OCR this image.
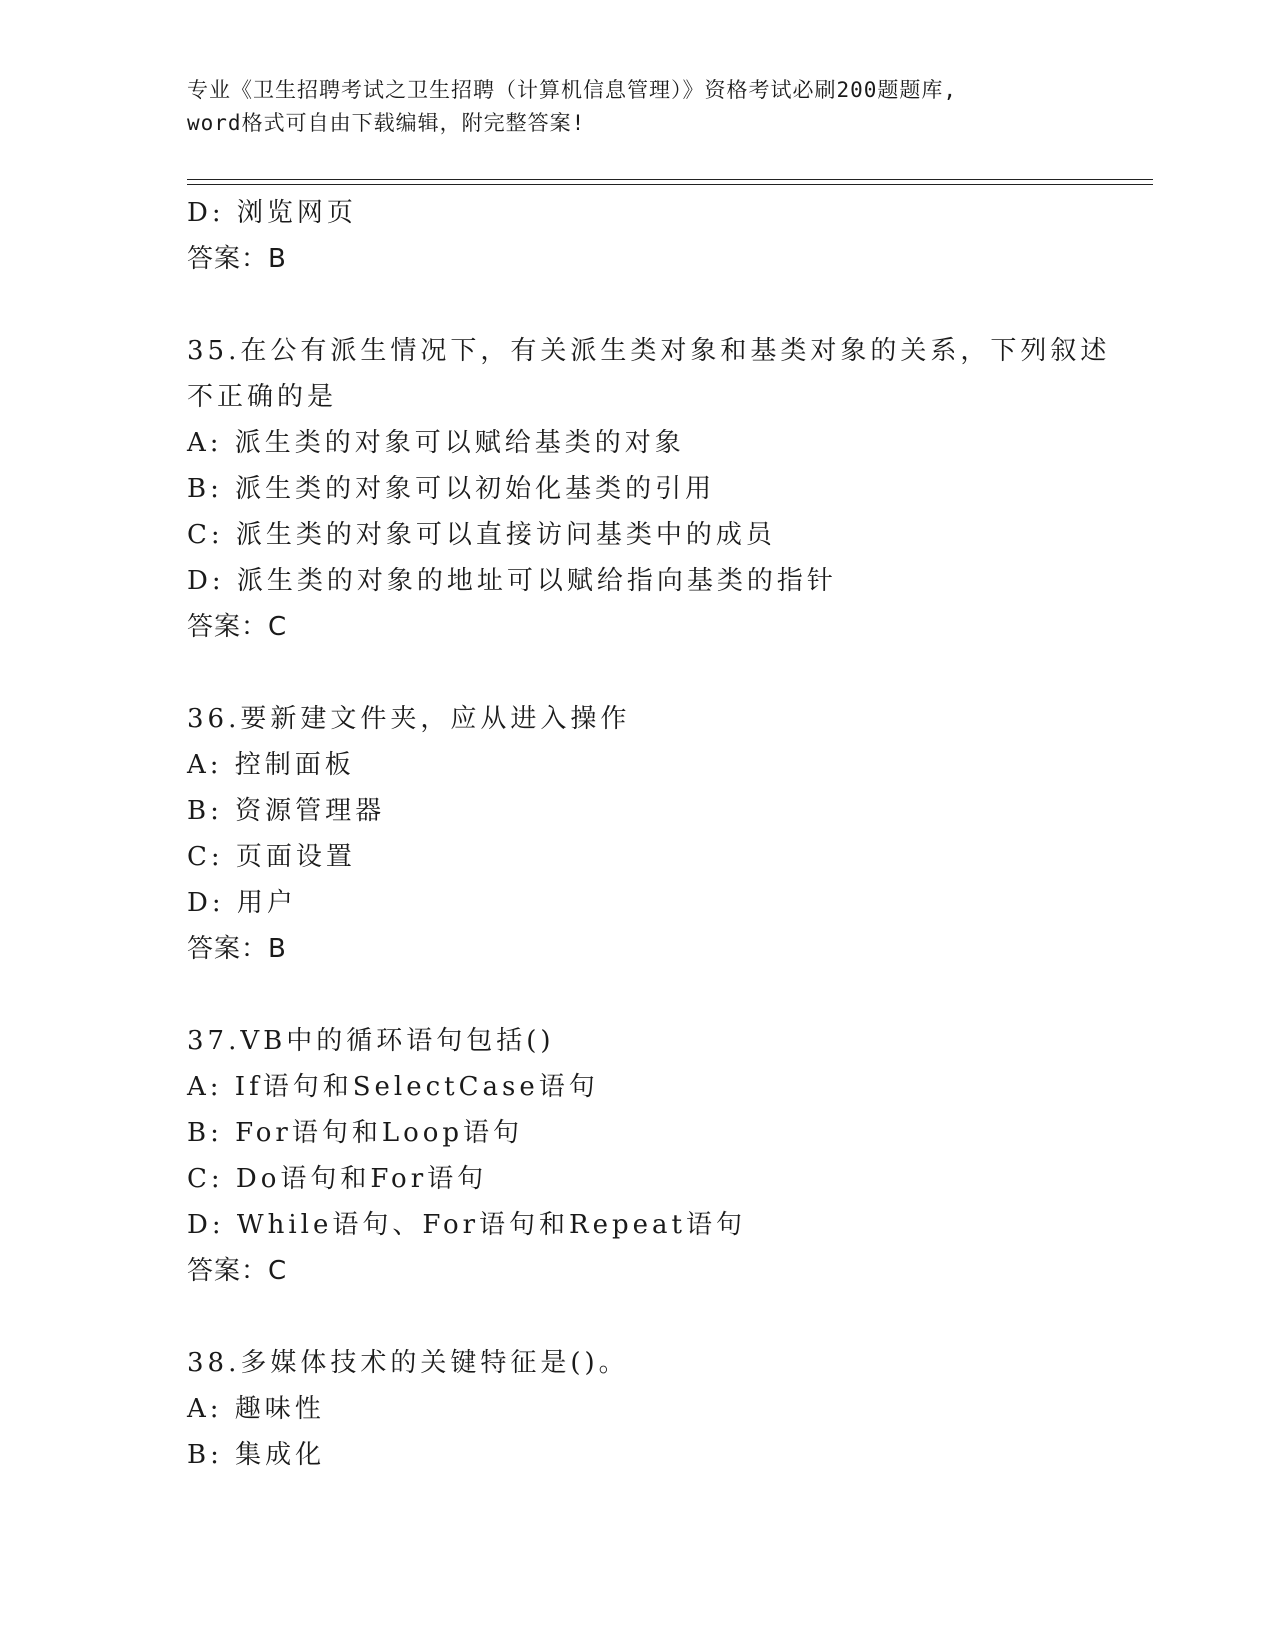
专业《卫生招聘考试之卫生招聘（计算机信息管理）》资格考试必刷200题题库,
word格式可自由下载编辑，附完整答案!
D: 浏览网页
答案：B
35.在公有派生情况下，有关派生类对象和基类对象的关系，下列叙述
不正确的是
A: 派生类的对象可以赋给基类的对象
B: 派生类的对象可以初始化基类的引用
C: 派生类的对象可以直接访问基类中的成员
D: 派生类的对象的地址可以赋给指向基类的指针
答案：C
36.要新建文件夹，应从进入操作
A: 控制面板
B: 资源管理器
C: 页面设置
D: 用户
答案：B
37.VB中的循环语句包括()
A: If语句和SelectCase语句
B: For语句和Loop语句
C: Do语句和For语句
D: While语句、For语句和Repeat语句
答案：C
38.多媒体技术的关键特征是()。
A: 趣味性
B: 集成化
